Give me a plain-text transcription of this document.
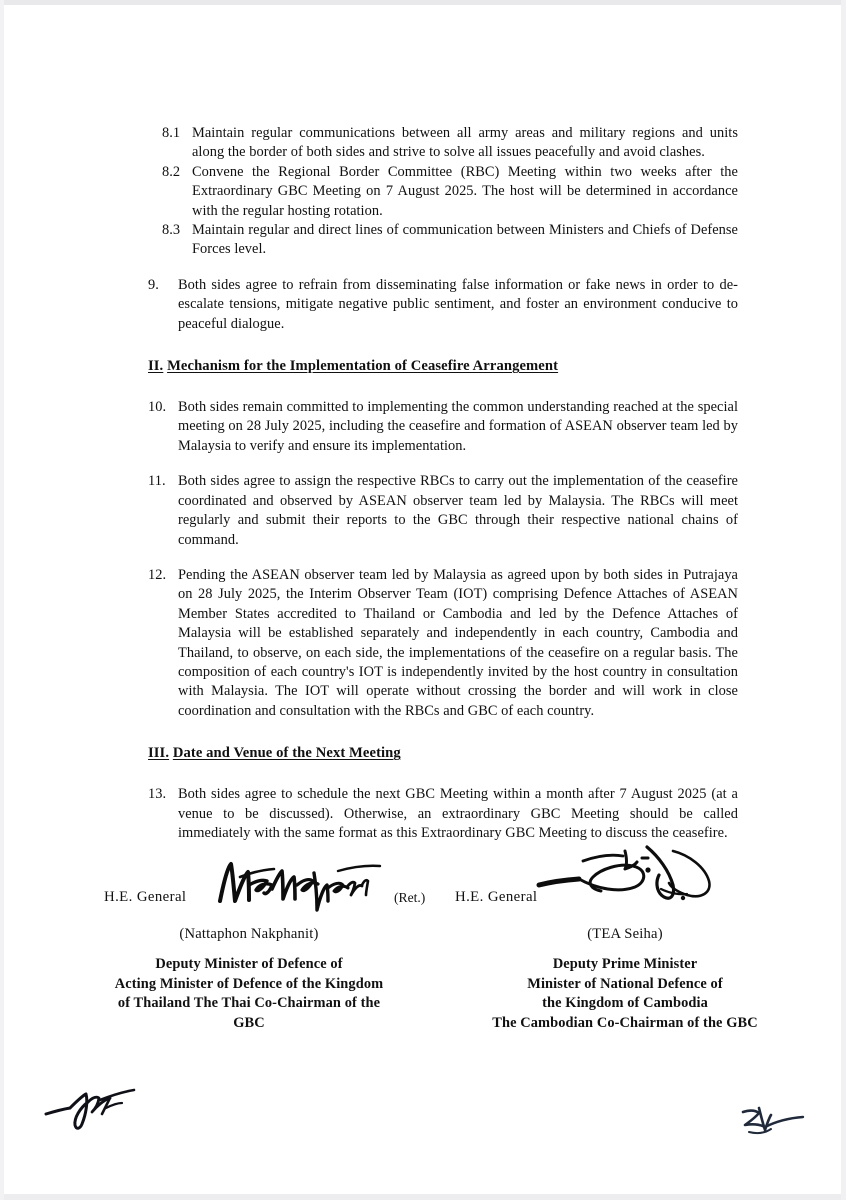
8.1 Maintain regular communications between all army areas and military regions and units along the border of both sides and strive to solve all issues peacefully and avoid clashes.
8.2 Convene the Regional Border Committee (RBC) Meeting within two weeks after the Extraordinary GBC Meeting on 7 August 2025. The host will be determined in accordance with the regular hosting rotation.
8.3 Maintain regular and direct lines of communication between Ministers and Chiefs of Defense Forces level.
9.	Both sides agree to refrain from disseminating false information or fake news in order to de-escalate tensions, mitigate negative public sentiment, and foster an environment conducive to peaceful dialogue.
II. Mechanism for the Implementation of Ceasefire Arrangement
10. Both sides remain committed to implementing the common understanding reached at the special meeting on 28 July 2025, including the ceasefire and formation of ASEAN observer team led by Malaysia to verify and ensure its implementation.
11. Both sides agree to assign the respective RBCs to carry out the implementation of the ceasefire coordinated and observed by ASEAN observer team led by Malaysia. The RBCs will meet regularly and submit their reports to the GBC through their respective national chains of command.
12. Pending the ASEAN observer team led by Malaysia as agreed upon by both sides in Putrajaya on 28 July 2025, the Interim Observer Team (IOT) comprising Defence Attaches of ASEAN Member States accredited to Thailand or Cambodia and led by the Defence Attaches of Malaysia will be established separately and independently in each country, Cambodia and Thailand, to observe, on each side, the implementations of the ceasefire on a regular basis. The composition of each country's IOT is independently invited by the host country in consultation with Malaysia. The IOT will operate without crossing the border and will work in close coordination and consultation with the RBCs and GBC of each country.
III. Date and Venue of the Next Meeting
13. Both sides agree to schedule the next GBC Meeting within a month after 7 August 2025 (at a venue to be discussed). Otherwise, an extraordinary GBC Meeting should be called immediately with the same format as this Extraordinary GBC Meeting to discuss the ceasefire.
H.E. General	(Ret.)
(Nattaphon Nakphanit)
Deputy Minister of Defence of
Acting Minister of Defence of the Kingdom
of Thailand The Thai Co-Chairman of the GBC
H.E. General
(TEA Seiha)
Deputy Prime Minister
Minister of National Defence of
the Kingdom of Cambodia
The Cambodian Co-Chairman of the GBC
